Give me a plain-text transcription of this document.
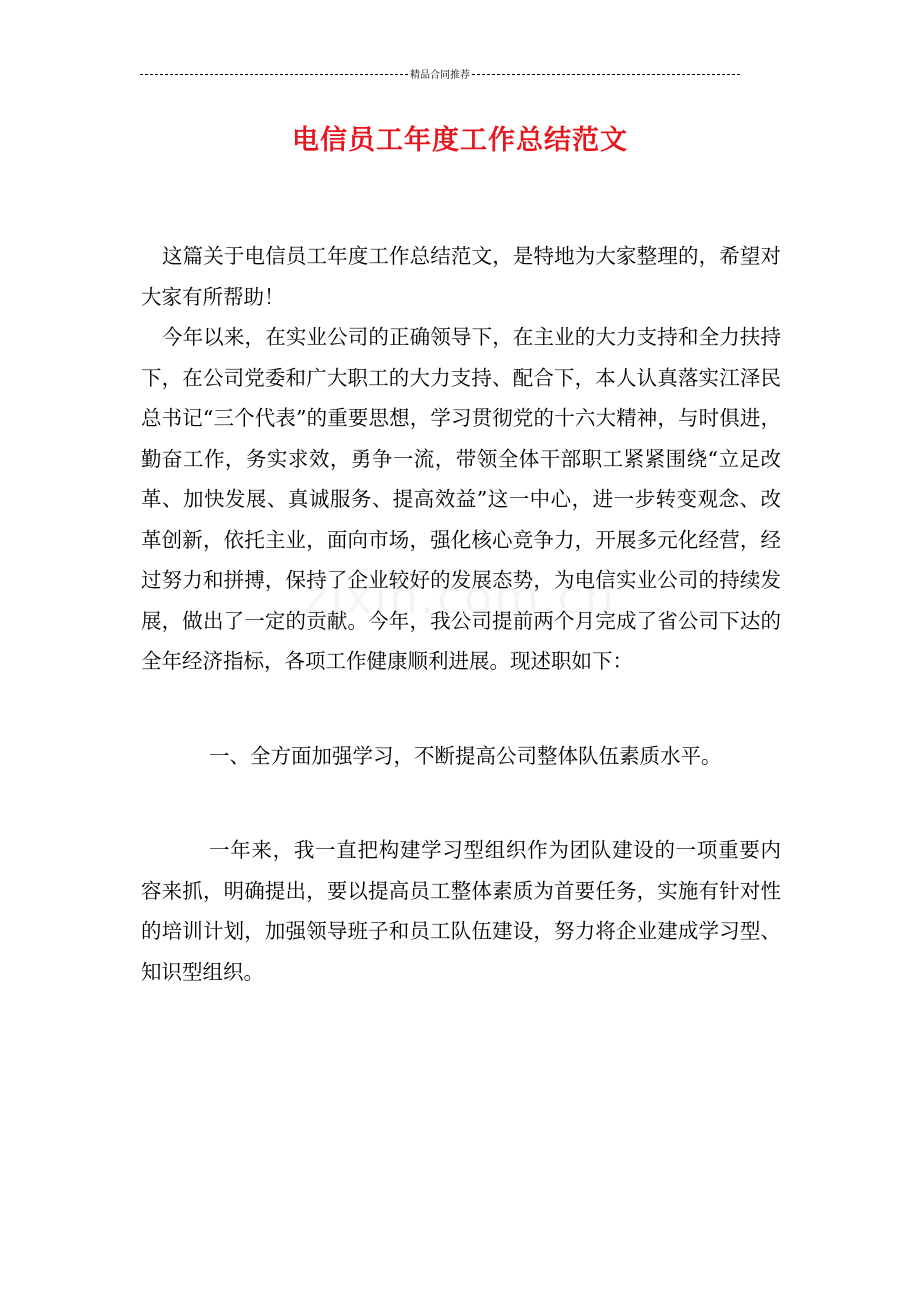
精品合同推荐
电信员工年度工作总结范文

这篇关于电信员工年度工作总结范文，是特地为大家整理的，希望对大家有所帮助！

今年以来，在实业公司的正确领导下，在主业的大力支持和全力扶持下，在公司党委和广大职工的大力支持、配合下，本人认真落实江泽民总书记“三个代表”的重要思想，学习贯彻党的十六大精神，与时俱进，勤奋工作，务实求效，勇争一流，带领全体干部职工紧紧围绕“立足改革、加快发展、真诚服务、提高效益”这一中心，进一步转变观念、改革创新，依托主业，面向市场，强化核心竞争力，开展多元化经营，经过努力和拼搏，保持了企业较好的发展态势，为电信实业公司的持续发展，做出了一定的贡献。今年，我公司提前两个月完成了省公司下达的全年经济指标，各项工作健康顺利进展。现述职如下：

一、全方面加强学习，不断提高公司整体队伍素质水平。

一年来，我一直把构建学习型组织作为团队建设的一项重要内容来抓，明确提出，要以提高员工整体素质为首要任务，实施有针对性的培训计划，加强领导班子和员工队伍建设，努力将企业建成学习型、知识型组织。
